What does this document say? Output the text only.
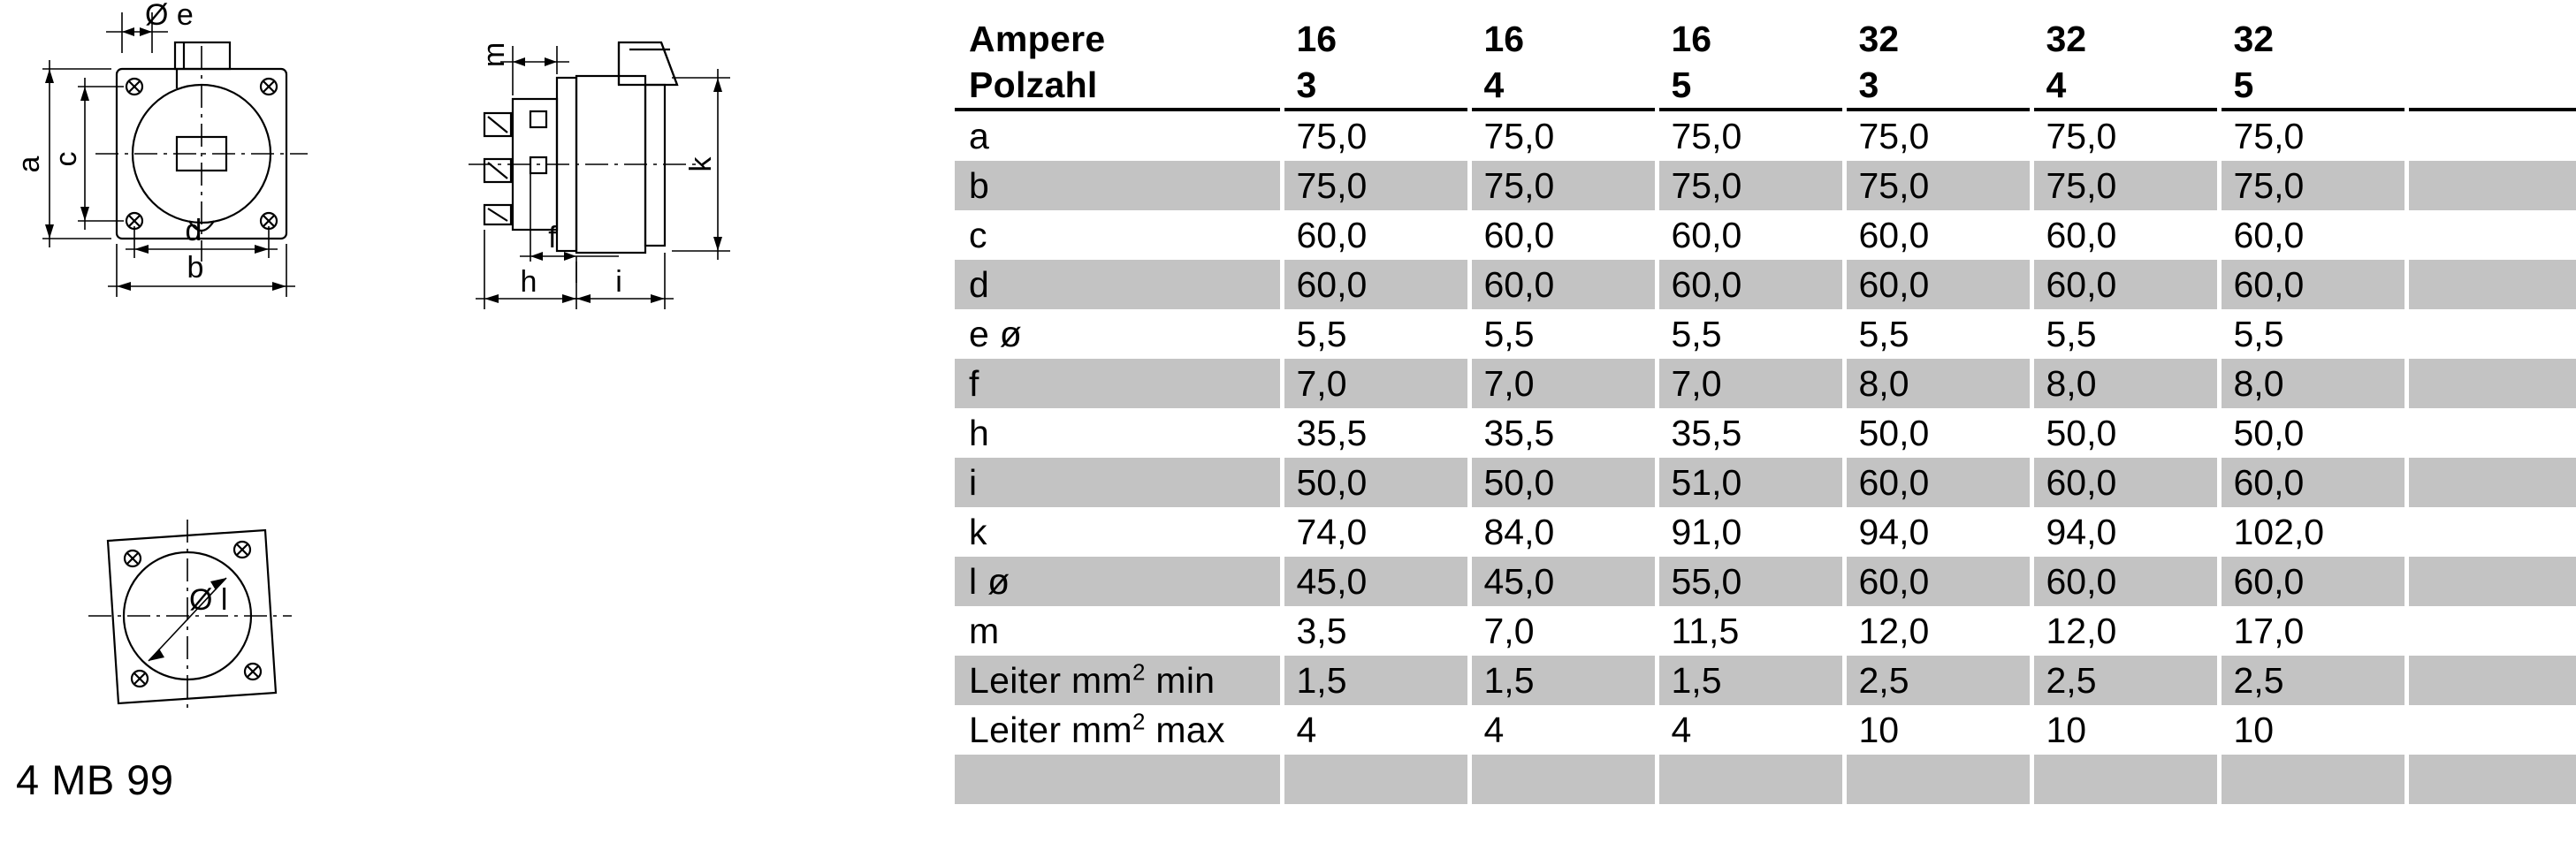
Ø e
a c
d
b
m
k
f
h	i
Ø l
4 MB 99
Ampere	16	16	16	32	32	32	
Polzahl	3	4	5	3	4	5	
a	75,0	75,0	75,0	75,0	75,0	75,0	
b	75,0	75,0	75,0	75,0	75,0	75,0	
c	60,0	60,0	60,0	60,0	60,0	60,0	
d	60,0	60,0	60,0	60,0	60,0	60,0	
e ø	5,5	5,5	5,5	5,5	5,5	5,5	
f	7,0	7,0	7,0	8,0	8,0	8,0	
h	35,5	35,5	35,5	50,0	50,0	50,0	
i	50,0	50,0	51,0	60,0	60,0	60,0	
k	74,0	84,0	91,0	94,0	94,0	102,0	
l ø	45,0	45,0	55,0	60,0	60,0	60,0	
m	3,5	7,0	11,5	12,0	12,0	17,0	
Leiter $mm^2$ min	1,5	1,5	1,5	2,5	2,5	2,5	
Leiter $mm^2$ max	4	4	4	10	10	10	
